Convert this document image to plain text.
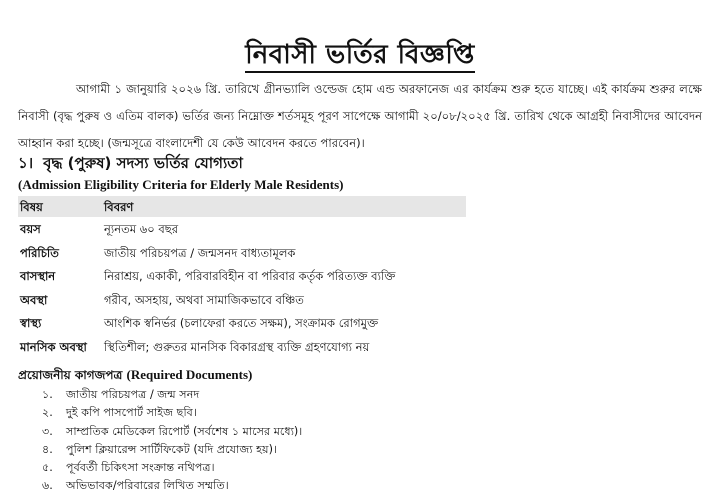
নিবাসী ভর্তির বিজ্ঞপ্তি
আগামী ১ জানুয়ারি ২০২৬ খ্রি. তারিখে গ্রীনভ্যালি ওল্ডেজ হোম এন্ড অরফানেজ এর কার্যক্রম শুরু হতে যাচ্ছে। এই কার্যক্রম শুরুর লক্ষে নিবাসী (বৃদ্ধ পুরুষ ও এতিম বালক) ভর্তির জন্য নিম্নোক্ত শর্তসমূহ পূরণ সাপেক্ষে আগামী ২০/০৮/২০২৫ খ্রি. তারিখ থেকে আগ্রহী নিবাসীদের আবেদন আহ্বান করা হচ্ছে। (জন্মসূত্রে বাংলাদেশী যে কেউ আবেদন করতে পারবেন)।
১। বৃদ্ধ (পুরুষ) সদস্য ভর্তির যোগ্যতা
(Admission Eligibility Criteria for Elderly Male Residents)
বিষয়	বিবরণ
বয়স	ন্যূনতম ৬০ বছর
পরিচিতি	জাতীয় পরিচয়পত্র / জন্মসনদ বাধ্যতামূলক
বাসস্থান	নিরাশ্রয়, একাকী, পরিবারবিহীন বা পরিবার কর্তৃক পরিত্যক্ত ব্যক্তি
অবস্থা	গরীব, অসহায়, অথবা সামাজিকভাবে বঞ্চিত
স্বাস্থ্য	আংশিক স্বনির্ভর (চলাফেরা করতে সক্ষম), সংক্রামক রোগমুক্ত
মানসিক অবস্থা	স্থিতিশীল; গুরুতর মানসিক বিকারগ্রস্থ ব্যক্তি গ্রহণযোগ্য নয়
প্রয়োজনীয় কাগজপত্র (Required Documents)
১. জাতীয় পরিচয়পত্র / জন্ম সনদ
২. দুই কপি পাসপোর্ট সাইজ ছবি।
৩. সাম্প্রতিক মেডিকেল রিপোর্ট (সর্বশেষ ১ মাসের মধ্যে)।
৪. পুলিশ ক্লিয়ারেন্স সার্টিফিকেট (যদি প্রযোজ্য হয়)।
৫. পূর্ববর্তী চিকিৎসা সংক্রান্ত নথিপত্র।
৬. অভিভাবক/পরিবারের লিখিত সম্মতি।
